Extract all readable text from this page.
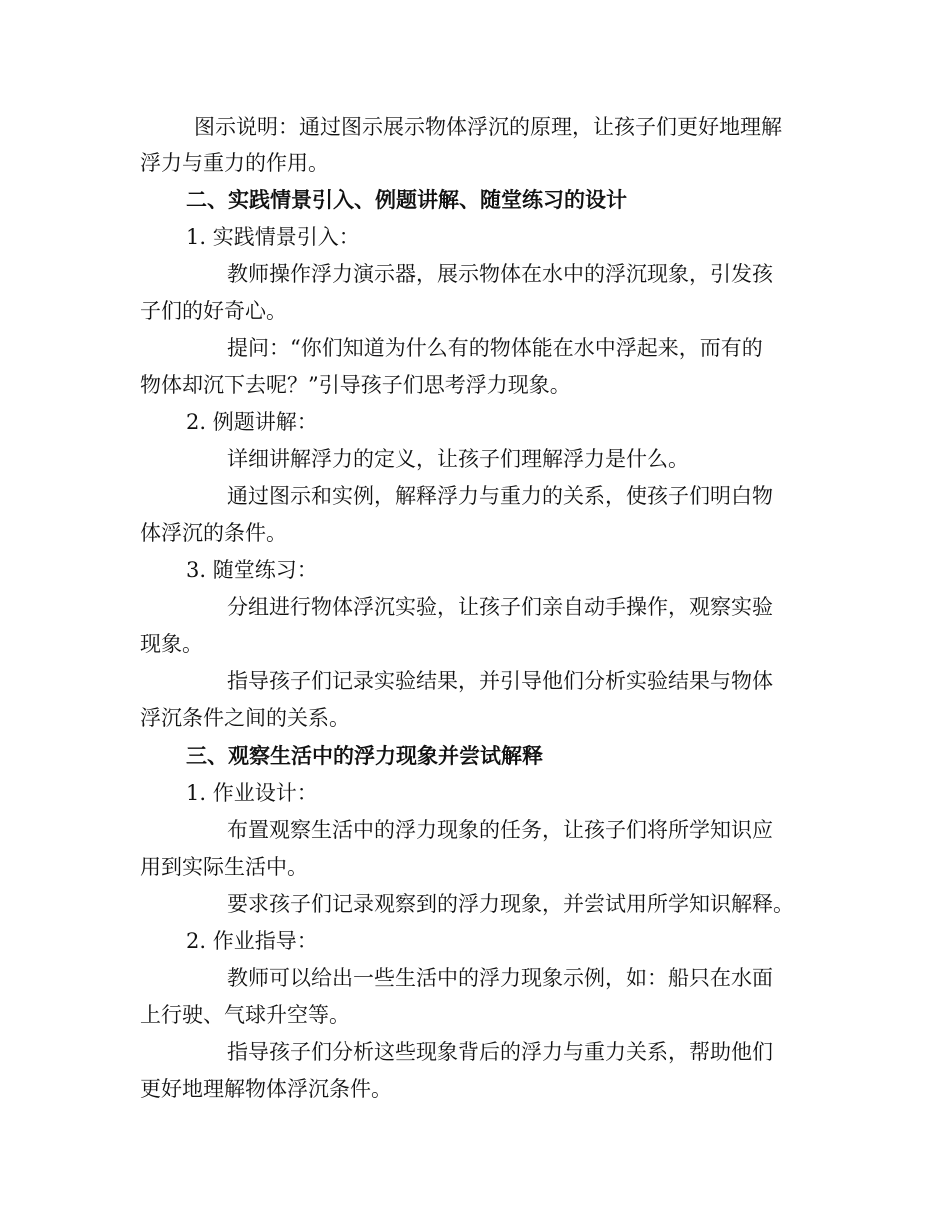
图示说明：通过图示展示物体浮沉的原理，让孩子们更好地理解

浮力与重力的作用。

二、实践情景引入、例题讲解、随堂练习的设计

1. 实践情景引入：

教师操作浮力演示器，展示物体在水中的浮沉现象，引发孩

子们的好奇心。

提问：“你们知道为什么有的物体能在水中浮起来，而有的

物体却沉下去呢？”引导孩子们思考浮力现象。

2. 例题讲解：

详细讲解浮力的定义，让孩子们理解浮力是什么。

通过图示和实例，解释浮力与重力的关系，使孩子们明白物

体浮沉的条件。

3. 随堂练习：

分组进行物体浮沉实验，让孩子们亲自动手操作，观察实验

现象。

指导孩子们记录实验结果，并引导他们分析实验结果与物体

浮沉条件之间的关系。

三、观察生活中的浮力现象并尝试解释

1. 作业设计：

布置观察生活中的浮力现象的任务，让孩子们将所学知识应

用到实际生活中。

要求孩子们记录观察到的浮力现象，并尝试用所学知识解释。

2. 作业指导：

教师可以给出一些生活中的浮力现象示例，如：船只在水面

上行驶、气球升空等。

指导孩子们分析这些现象背后的浮力与重力关系，帮助他们

更好地理解物体浮沉条件。
